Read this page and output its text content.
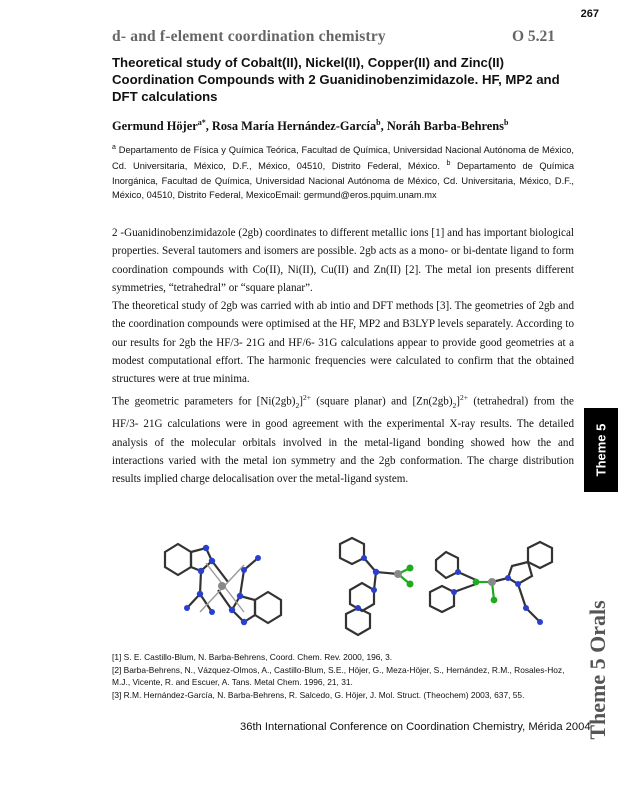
267
d- and f-element coordination chemistry	O 5.21
Theoretical study of Cobalt(II), Nickel(II), Copper(II) and Zinc(II) Coordination Compounds with 2 Guanidinobenzimidazole. HF, MP2 and DFT calculations
Germund Höjer$^{a*}$, Rosa María Hernández-García$^b$, Noráh Barba-Behrens$^b$
$^a$ Departamento de Física y Química Teórica, Facultad de Química, Universidad Nacional Autónoma de México, Cd. Universitaria, México, D.F., México, 04510, Distrito Federal, México. $^b$ Departamento de Química Inorgánica, Facultad de Química, Universidad Nacional Autónoma de México, Cd. Universitaria, México, D.F., México, 04510, Distrito Federal, MexicoEmail: germund@eros.pquim.unam.mx
2 -Guanidinobenzimidazole (2gb) coordinates to different metallic ions [1] and has important biological properties. Several tautomers and isomers are possible. 2gb acts as a mono- or bi-dentate ligand to form coordination compounds with Co(II), Ni(II), Cu(II) and Zn(II) [2]. The metal ion presents different symmetries, “tetrahedral” or “square planar”.
The theoretical study of 2gb was carried with ab intio and DFT methods [3]. The geometries of 2gb and the coordination compounds were optimised at the HF, MP2 and B3LYP levels separately. According to our results for 2gb the HF/3- 21G and HF/6- 31G calculations appear to provide good geometries at a modest computational effort. The harmonic frequencies were calculated to confirm that the obtained structures were at true minima.
The geometric parameters for $[Ni(2gb)_2]^{2+}$ (square planar) and $[Zn(2gb)_2]^{2+}$ (tetrahedral) from the HF/3- 21G calculations were in good agreement with the experimental X-ray results. The detailed analysis of the molecular orbitals involved in the metal-ligand bonding showed how the and interactions varied with the metal ion symmetry and the 2gb conformation. The charge distribution results implied charge delocalisation over the metal-ligand system.

[1] S. E. Castillo-Blum, N. Barba-Behrens, Coord. Chem. Rev. 2000, 196, 3.

[2] Barba-Behrens, N., Vázquez-Olmos, A., Castillo-Blum, S.E., Höjer, G., Meza-Höjer, S., Hernández, R.M., Rosales-Hoz, M.J., Vicente, R. and Escuer, A. Tans. Metal Chem. 1996, 21, 31.

[3] R.M. Hernández-García, N. Barba-Behrens, R. Salcedo, G. Höjer, J. Mol. Struct. (Theochem) 2003, 637, 55.

36th International Conference on Coordination Chemistry, Mérida 2004
Theme 5
Theme 5 Orals
